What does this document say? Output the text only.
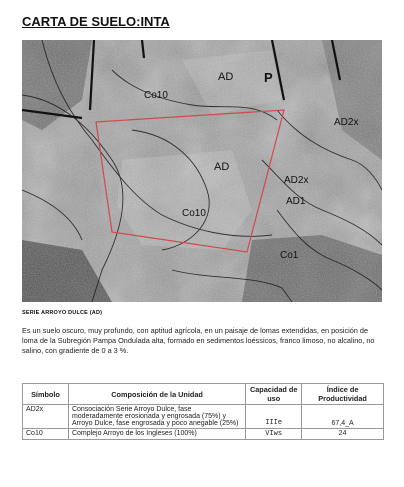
CARTA DE SUELO:INTA
AD P
Co10
AD2x
AD
AD2x
AD1
Co10
Co1
SERIE ARROYO DULCE (AD)
Es un suelo oscuro, muy profundo, con aptitud agrícola, en un paisaje de lomas extendidas, en posición de loma de la Subregión Pampa Ondulada alta, formado en sedimentos loéssicos, franco limoso, no alcalino, no salino, con gradiente de 0 a 3 %.
Símbolo	Composición de la Unidad	Capacidad de uso	Índice de Productividad
AD2x	Consociación Serie Arroyo Dulce, fase moderadamente erosionada y engrosada (75%) y Arroyo Dulce, fase engrosada y poco anegable (25%)	IIIe	67,4_A
Co10	Complejo Arroyo de los Ingleses (100%)	VIws	24
